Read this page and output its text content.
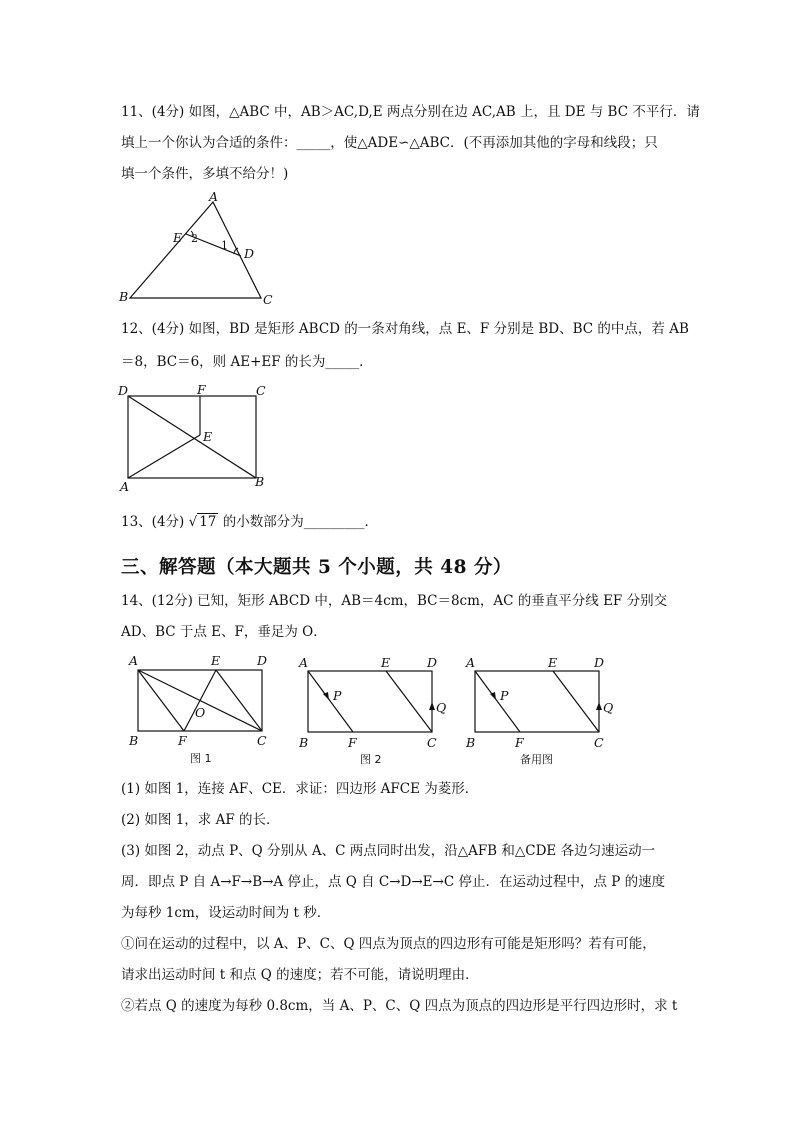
11、(4分) 如图，△ABC 中，AB＞AC,D,E 两点分别在边 AC,AB 上，且 DE 与 BC 不平行．请
填上一个你认为合适的条件：_____，使△ADE∽△ABC．(不再添加其他的字母和线段；只
填一个条件，多填不给分！)
A
E 2
1
D
B	C
12、(4分) 如图，BD 是矩形 ABCD 的一条对角线，点 E、F 分别是 BD、BC 的中点，若 AB
＝8，BC＝6，则 AE+EF 的长为_____．
D	F	C
E
A	B
13、(4分) √ 17 的小数部分为_________．
三、解答题（本大题共 5 个小题，共 48 分）
14、(12分) 已知，矩形 ABCD 中，AB＝4cm，BC＝8cm，AC 的垂直平分线 EF 分别交
AD、BC 于点 E、F，垂足为 O．
A	E	D
O
B	F	C
图 1
A	E	D
P
Q
B	F	C
图 2
A	E	D
P
Q
B	F	C
备用图
(1) 如图 1，连接 AF、CE．求证：四边形 AFCE 为菱形．
(2) 如图 1，求 AF 的长．
(3) 如图 2，动点 P、Q 分别从 A、C 两点同时出发，沿△AFB 和△CDE 各边匀速运动一
周．即点 P 自 A→F→B→A 停止，点 Q 自 C→D→E→C 停止．在运动过程中，点 P 的速度
为每秒 1cm，设运动时间为 t 秒．
①问在运动的过程中，以 A、P、C、Q 四点为顶点的四边形有可能是矩形吗？若有可能，
请求出运动时间 t 和点 Q 的速度；若不可能，请说明理由．
②若点 Q 的速度为每秒 0.8cm，当 A、P、C、Q 四点为顶点的四边形是平行四边形时，求 t
